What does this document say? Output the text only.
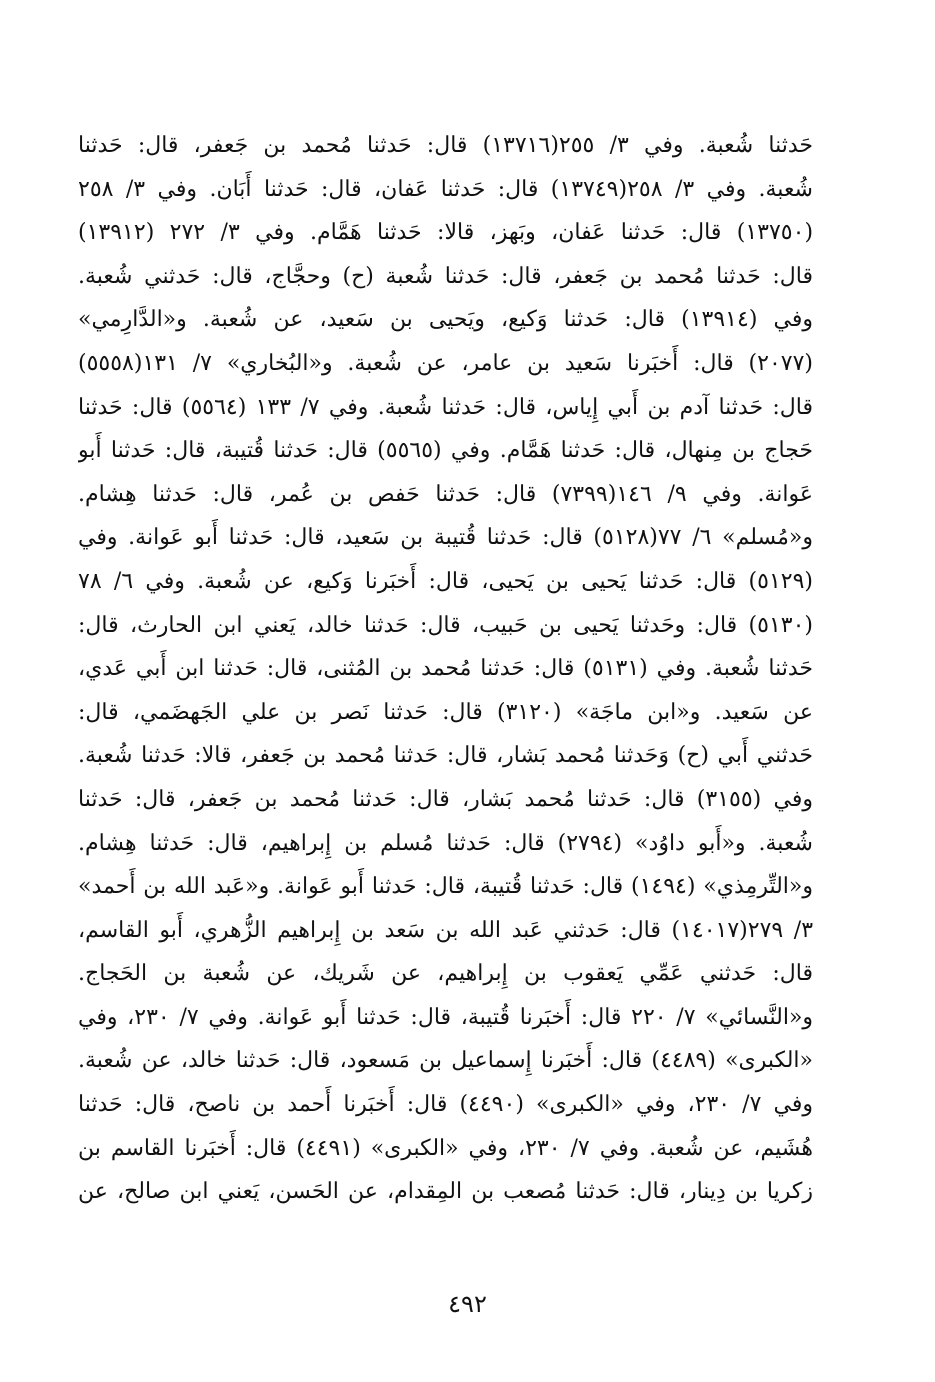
حَدثنا شُعبة. وفي ٣/ ٢٥٥(١٣٧١٦) قال: حَدثنا مُحمد بن جَعفر، قال: حَدثنا
شُعبة. وفي ٣/ ٢٥٨(١٣٧٤٩) قال: حَدثنا عَفان، قال: حَدثنا أَبَان. وفي ٣/ ٢٥٨
(١٣٧٥٠) قال: حَدثنا عَفان، وبَهز، قالا: حَدثنا هَمَّام. وفي ٣/ ٢٧٢ (١٣٩١٢)
قال: حَدثنا مُحمد بن جَعفر، قال: حَدثنا شُعبة (ح) وحجَّاج، قال: حَدثني شُعبة.
وفي (١٣٩١٤) قال: حَدثنا وَكيع، ويَحيى بن سَعيد، عن شُعبة. و«الدَّارِمي»
(٢٠٧٧) قال: أَخبَرنا سَعيد بن عامر، عن شُعبة. و«البُخاري» ٧/ ١٣١(٥٥٥٨)
قال: حَدثنا آدم بن أَبي إِياس، قال: حَدثنا شُعبة. وفي ٧/ ١٣٣ (٥٥٦٤) قال: حَدثنا
حَجاج بن مِنهال، قال: حَدثنا هَمَّام. وفي (٥٥٦٥) قال: حَدثنا قُتيبة، قال: حَدثنا أَبو
عَوانة. وفي ٩/ ١٤٦(٧٣٩٩) قال: حَدثنا حَفص بن عُمر، قال: حَدثنا هِشام.
و«مُسلم» ٦/ ٧٧(٥١٢٨) قال: حَدثنا قُتيبة بن سَعيد، قال: حَدثنا أَبو عَوانة. وفي
(٥١٢٩) قال: حَدثنا يَحيى بن يَحيى، قال: أَخبَرنا وَكيع، عن شُعبة. وفي ٦/ ٧٨
(٥١٣٠) قال: وحَدثنا يَحيى بن حَبيب، قال: حَدثنا خالد، يَعني ابن الحارث، قال:
حَدثنا شُعبة. وفي (٥١٣١) قال: حَدثنا مُحمد بن المُثنى، قال: حَدثنا ابن أَبي عَدي،
عن سَعيد. و«ابن ماجَة» (٣١٢٠) قال: حَدثنا نَصر بن علي الجَهضَمي، قال:
حَدثني أَبي (ح) وَحَدثنا مُحمد بَشار، قال: حَدثنا مُحمد بن جَعفر، قالا: حَدثنا شُعبة.
وفي (٣١٥٥) قال: حَدثنا مُحمد بَشار، قال: حَدثنا مُحمد بن جَعفر، قال: حَدثنا
شُعبة. و«أَبو داوُد» (٢٧٩٤) قال: حَدثنا مُسلم بن إِبراهيم، قال: حَدثنا هِشام.
و«التِّرمِذي» (١٤٩٤) قال: حَدثنا قُتيبة، قال: حَدثنا أَبو عَوانة. و«عَبد الله بن أَحمد»
٣/ ٢٧٩(١٤٠١٧) قال: حَدثني عَبد الله بن سَعد بن إِبراهيم الزُّهري، أَبو القاسم،
قال: حَدثني عَمِّي يَعقوب بن إِبراهيم، عن شَريك، عن شُعبة بن الحَجاج.
و«النَّسائي» ٧/ ٢٢٠ قال: أَخبَرنا قُتيبة، قال: حَدثنا أَبو عَوانة. وفي ٧/ ٢٣٠، وفي
«الكبرى» (٤٤٨٩) قال: أَخبَرنا إِسماعيل بن مَسعود، قال: حَدثنا خالد، عن شُعبة.
وفي ٧/ ٢٣٠، وفي «الكبرى» (٤٤٩٠) قال: أَخبَرنا أَحمد بن ناصح، قال: حَدثنا
هُشَيم، عن شُعبة. وفي ٧/ ٢٣٠، وفي «الكبرى» (٤٤٩١) قال: أَخبَرنا القاسم بن
زكريا بن دِينار، قال: حَدثنا مُصعب بن المِقدام، عن الحَسن، يَعني ابن صالح، عن
٤٩٢
